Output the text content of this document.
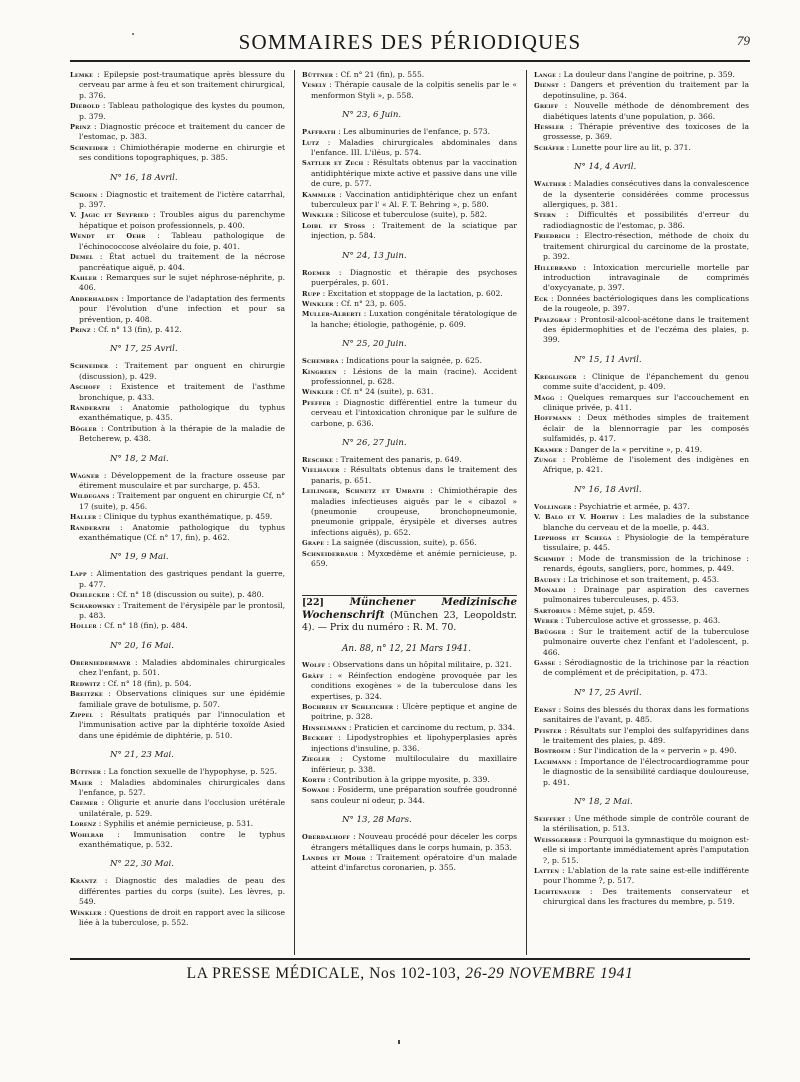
SOMMAIRES DES PÉRIODIQUES	79

Lemke : Epilepsie post-traumatique après blessure du cerveau par arme à feu et son traitement chirurgical, p. 376.

Diebold : Tableau pathologique des kystes du poumon, p. 379.

Prinz : Diagnostic précoce et traitement du cancer de l'estomac, p. 383.

Schneider : Chimiothérapie moderne en chirurgie et ses conditions topographiques, p. 385.

N° 16, 18 Avril.

Schoen : Diagnostic et traitement de l'ictère catarrhal, p. 397.

V. Jagic et Seyfried : Troubles aigus du parenchyme hépatique et poison professionnels, p. 400.

Wendt et Oehr : Tableau pathologique de l'échinococcose alvéolaire du foie, p. 401.

Demel : État actuel du traitement de la nécrose pancréatique aiguë, p. 404.

Kahler : Remarques sur le sujet néphrose-néphrite, p. 406.

Abderhalden : Importance de l'adaptation des ferments pour l'évolution d'une infection et pour sa prévention, p. 408.

Prinz : Cf. n° 13 (fin), p. 412.

N° 17, 25 Avril.

Schneider : Traitement par onguent en chirurgie (discussion), p. 429.

Aschoff : Existence et traitement de l'asthme bronchique, p. 433.

Randerath : Anatomie pathologique du typhus exanthématique, p. 435.

Bögler : Contribution à la thérapie de la maladie de Betcherew, p. 438.

N° 18, 2 Mai.

Wagner : Développement de la fracture osseuse par étirement musculaire et par surcharge, p. 453.

Wildegans : Traitement par onguent en chirurgie Cf, n° 17 (suite), p. 456.

Haller : Clinique du typhus exanthématique, p. 459.

Randerath : Anatomie pathologique du typhus exanthématique (Cf. n° 17, fin), p. 462.

N° 19, 9 Mai.

Lapp : Alimentation des gastriques pendant la guerre, p. 477.

Oehlecker : Cf. n° 18 (discussion ou suite), p. 480.

Scharowsky : Traitement de l'érysipèle par le prontosil, p. 483.

Holler : Cf. n° 18 (fin), p. 484.

N° 20, 16 Mai.

Oberniedermayr : Maladies abdominales chirurgicales chez l'enfant, p. 501.

Redwitz : Cf. n° 18 (fin), p. 504.

Breitzke : Observations cliniques sur une épidémie familiale grave de botulisme, p. 507.

Zippel : Résultats pratiqués par l'innoculation et l'immunisation active par la diphtérie toxoïde Asied dans une épidémie de diphtérie, p. 510.

N° 21, 23 Mai.

Büttner : La fonction sexuelle de l'hypophyse, p. 525.

Maier : Maladies abdominales chirurgicales dans l'enfance, p. 527.

Cremer : Oligurie et anurie dans l'occlusion urétérale unilatérale, p. 529.

Lorenz : Syphilis et anémie pernicieuse, p. 531.

Wohlrab : Immunisation contre le typhus exanthématique, p. 532.

N° 22, 30 Mai.

Krantz : Diagnostic des maladies de peau des différentes parties du corps (suite). Les lèvres, p. 549.

Winkler : Questions de droit en rapport avec la silicose liée à la tuberculose, p. 552.

Büttner : Cf. n° 21 (fin), p. 555.

Vesely : Thérapie causale de la colpitis senelis par le « menformon Styli », p. 558.

N° 23, 6 Juin.

Paffrath : Les albuminuries de l'enfance, p. 573.

Lutz : Maladies chirurgicales abdominales dans l'enfance. III. L'iléus, p. 574.

Sattler et Zech : Résultats obtenus par la vaccination antidiphtérique mixte active et passive dans une ville de cure, p. 577.

Kammler : Vaccination antidiphtérique chez un enfant tuberculeux par l' « Al. F. T. Behring », p. 580.

Winkler : Silicose et tuberculose (suite), p. 582.

Loibl et Stoss : Traitement de la sciatique par injection, p. 584.

N° 24, 13 Juin.

Roemer : Diagnostic et thérapie des psychoses puerpérales, p. 601.

Rupp : Excitation et stoppage de la lactation, p. 602.

Winkler : Cf. n° 23, p. 605.

Muller-Alberti : Luxation congénitale tératologique de la hanche; étiologie, pathogénie, p. 609.

N° 25, 20 Juin.

Schembra : Indications pour la saignée, p. 625.

Kingreen : Lésions de la main (racine). Accident professionnel, p. 628.

Winkler : Cf. n° 24 (suite), p. 631.

Pfeffer : Diagnostic différentiel entre la tumeur du cerveau et l'intoxication chronique par le sulfure de carbone, p. 636.

N° 26, 27 Juin.

Reschke : Traitement des panaris, p. 649.

Vielhauer : Résultats obtenus dans le traitement des panaris, p. 651.

Leilinger, Schnetz et Umrath : Chimiothérapie des maladies infectieuses aiguës par le « cibazol » (pneumonie croupeuse, bronchopneumonie, pneumonie grippale, érysipèle et diverses autres infections aiguës), p. 652.

Grape : La saignée (discussion, suite), p. 656.

Schneiderbaur : Myxœdème et anémie pernicieuse, p. 659.

[22]	Münchener Medizinische Wochenschrift (München 23, Leopoldstr. 4). — Prix du numéro : R. M. 70.
An. 88, n° 12, 21 Mars 1941.

Wolff : Observations dans un hôpital militaire, p. 321.

Gräff : « Réinfection endogène provoquée par les conditions exogènes » de la tuberculose dans les expertises, p. 324.

Bochrein et Schleicher : Ulcère peptique et angine de poitrine, p. 328.

Hinselmann : Praticien et carcinome du rectum, p. 334.

Beckert : Lipodystrophies et lipohyperplasies après injections d'insuline, p. 336.

Ziegler : Cystome multiloculaire du maxillaire inférieur, p. 338.

Korth : Contribution à la grippe myosite, p. 339.

Sowade : Fosiderm, une préparation soufrée goudronné sans couleur ni odeur, p. 344.

N° 13, 28 Mars.

Oberdalhoff : Nouveau procédé pour déceler les corps étrangers métalliques dans le corps humain, p. 353.

Landes et Mohr : Traitement opératoire d'un malade atteint d'infarctus coronarien, p. 355.

Lange : La douleur dans l'angine de poitrine, p. 359.

Dienst : Dangers et prévention du traitement par la depotinsuline, p. 364.

Greiff : Nouvelle méthode de dénombrement des diabétiques latents d'une population, p. 366.

Hessler : Thérapie préventive des toxicoses de la grossesse, p. 369.

Schäfer : Lunette pour lire au lit, p. 371.

N° 14, 4 Avril.

Walther : Maladies consécutives dans la convalescence de la dysenterie considérées comme processus allergiques, p. 381.

Stern : Difficultés et possibilités d'erreur du radiodiagnostic de l'estomac, p. 386.

Friedrich : Electro-résection, méthode de choix du traitement chirurgical du carcinome de la prostate, p. 392.

Hillebrand : Intoxication mercurielle mortelle par introduction intravaginale de comprimés d'oxycyanate, p. 397.

Eck : Données bactériologiques dans les complications de la rougeole, p. 397.

Pfalzgraf : Prontosil-alcool-acétone dans le traitement des épidermophities et de l'eczéma des plaies, p. 399.

N° 15, 11 Avril.

Kreglinger : Clinique de l'épanchement du genou comme suite d'accident, p. 409.

Magg : Quelques remarques sur l'accouchement en clinique privée, p. 411.

Hoffmann : Deux méthodes simples de traitement éclair de la blennorragie par les composés sulfamidés, p. 417.

Kramer : Danger de la « pervitine », p. 419.

Zunge : Problème de l'isolement des indigènes en Afrique, p. 421.

N° 16, 18 Avril.

Vollinger : Psychiatrie et armée, p. 437.

V. Balo et V. Horthy : Les maladies de la substance blanche du cerveau et de la moelle, p. 443.

Lipphoss et Schega : Physiologie de la température tissulaire, p. 445.

Schmidt : Mode de transmission de la trichinose : renards, égouts, sangliers, porc, hommes, p. 449.

Baudey : La trichinose et son traitement, p. 453.

Monaldi : Drainage par aspiration des cavernes pulmonaires tuberculeuses, p. 453.

Sartorius : Même sujet, p. 459.

Weber : Tuberculose active et grossesse, p. 463.

Brügger : Sur le traitement actif de la tuberculose pulmonaire ouverte chez l'enfant et l'adolescent, p. 466.

Gasse : Sérodiagnostic de la trichinose par la réaction de complément et de précipitation, p. 473.

N° 17, 25 Avril.

Ernst : Soins des blessés du thorax dans les formations sanitaires de l'avant, p. 485.

Pfister : Résultats sur l'emploi des sulfapyridines dans le traitement des plaies, p. 489.

Bostroem : Sur l'indication de la « perverin » p. 490.

Lachmann : Importance de l'électrocardiogramme pour le diagnostic de la sensibilité cardiaque douloureuse, p. 491.

N° 18, 2 Mai.

Seiffert : Une méthode simple de contrôle courant de la stérilisation, p. 513.

Weissgerber : Pourquoi la gymnastique du moignon est-elle si importante immédiatement après l'amputation ?, p. 515.

Latten : L'ablation de la rate saine est-elle indifférente pour l'homme ?, p. 517.

Lichtenauer : Des traitements conservateur et chirurgical dans les fractures du membre, p. 519.

LA PRESSE MÉDICALE, Nos 102-103, 26-29 NOVEMBRE 1941
